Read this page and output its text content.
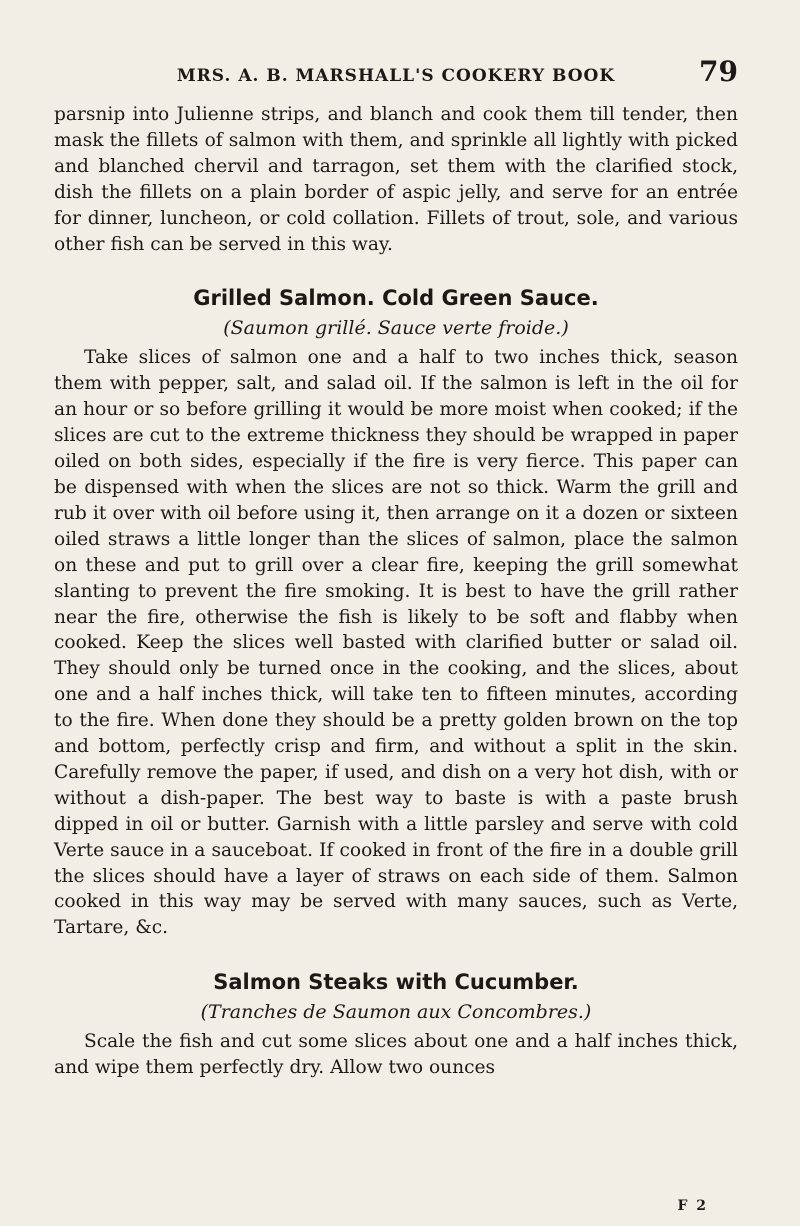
MRS. A. B. MARSHALL'S COOKERY BOOK	79

parsnip into Julienne strips, and blanch and cook them till tender, then mask the fillets of salmon with them, and sprinkle all lightly with picked and blanched chervil and tarragon, set them with the clarified stock, dish the fillets on a plain border of aspic jelly, and serve for an entrée for dinner, luncheon, or cold collation. Fillets of trout, sole, and various other fish can be served in this way.

Grilled Salmon. Cold Green Sauce.
(Saumon grillé. Sauce verte froide.)

Take slices of salmon one and a half to two inches thick, season them with pepper, salt, and salad oil. If the salmon is left in the oil for an hour or so before grilling it would be more moist when cooked; if the slices are cut to the extreme thickness they should be wrapped in paper oiled on both sides, especially if the fire is very fierce. This paper can be dispensed with when the slices are not so thick. Warm the grill and rub it over with oil before using it, then arrange on it a dozen or sixteen oiled straws a little longer than the slices of salmon, place the salmon on these and put to grill over a clear fire, keeping the grill somewhat slanting to prevent the fire smoking. It is best to have the grill rather near the fire, otherwise the fish is likely to be soft and flabby when cooked. Keep the slices well basted with clarified butter or salad oil. They should only be turned once in the cooking, and the slices, about one and a half inches thick, will take ten to fifteen minutes, according to the fire. When done they should be a pretty golden brown on the top and bottom, perfectly crisp and firm, and without a split in the skin. Carefully remove the paper, if used, and dish on a very hot dish, with or without a dish-paper. The best way to baste is with a paste brush dipped in oil or butter. Garnish with a little parsley and serve with cold Verte sauce in a sauceboat. If cooked in front of the fire in a double grill the slices should have a layer of straws on each side of them. Salmon cooked in this way may be served with many sauces, such as Verte, Tartare, &c.

Salmon Steaks with Cucumber.
(Tranches de Saumon aux Concombres.)

Scale the fish and cut some slices about one and a half inches thick, and wipe them perfectly dry. Allow two ounces

F 2
